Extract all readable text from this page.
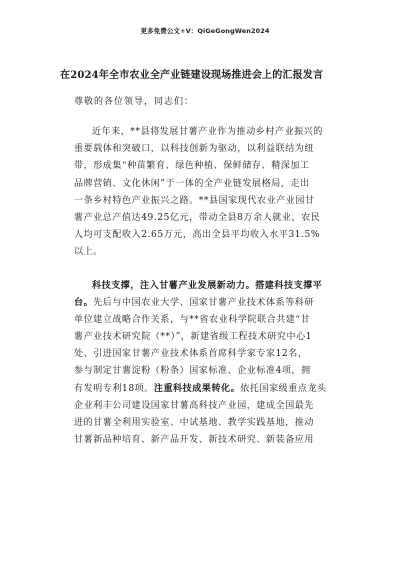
更多免费公文+V：QiGeGongWen2024
在2024年全市农业全产业链建设现场推进会上的汇报发言
尊敬的各位领导，同志们：
近年来，**县将发展甘薯产业作为推动乡村产业振兴的
重要载体和突破口，以科技创新为驱动，以利益联结为纽
带，形成集“种苗繁育、绿色种植、保鲜储存、精深加工
品牌营销、文化休闲”于一体的全产业链发展格局，走出
一条乡村特色产业振兴之路。**县国家现代农业产业园甘
薯产业总产值达49.25亿元，带动全县8万余人就业，农民
人均可支配收入2.65万元，高出全县平均收入水平31.5%
以上。
科技支撑，注入甘薯产业发展新动力。搭建科技支撑平
台。先后与中国农业大学、国家甘薯产业技术体系等科研
单位建立战略合作关系，与**省农业科学院联合共建“甘
薯产业技术研究院（**）”，新建省级工程技术研究中心1
处、引进国家甘薯产业技术体系首席科学家专家12名，
参与制定甘薯淀粉（粉条）国家标准、企业标准4项，拥
有发明专利18项。注重科技成果转化。依托国家级重点龙头
企业利丰公司建设国家甘薯高科技产业园，建成全国最先
进的甘薯全利用实验室、中试基地、教学实践基地，推动
甘薯新品种培育、新产品开发、新技术研究、新装备应用
